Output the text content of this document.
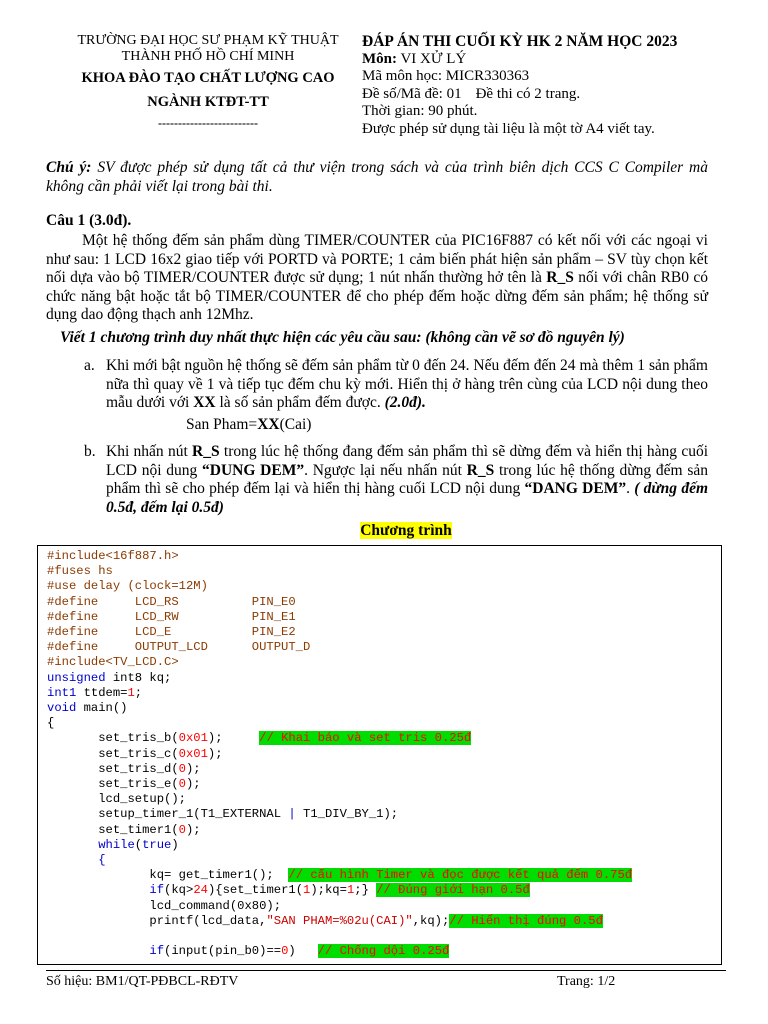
TRƯỜNG ĐẠI HỌC SƯ PHẠM KỸ THUẬT
THÀNH PHỐ HỒ CHÍ MINH
KHOA ĐÀO TẠO CHẤT LƯỢNG CAO
NGÀNH KTĐT-TT
-------------------------
ĐÁP ÁN THI CUỐI KỲ HK 2 NĂM HỌC 2023
Môn: VI XỬ LÝ
Mã môn học: MICR330363
Đề số/Mã đề: 01 Đề thi có 2 trang.
Thời gian: 90 phút.
Được phép sử dụng tài liệu là một tờ A4 viết tay.
Chú ý: SV được phép sử dụng tất cả thư viện trong sách và của trình biên dịch CCS C Compiler mà không cần phải viết lại trong bài thi.
Câu 1 (3.0đ).
Một hệ thống đếm sản phẩm dùng TIMER/COUNTER của PIC16F887 có kết nối với các ngoại vi như sau: 1 LCD 16x2 giao tiếp với PORTD và PORTE; 1 cảm biến phát hiện sản phẩm – SV tùy chọn kết nối dựa vào bộ TIMER/COUNTER được sử dụng; 1 nút nhấn thường hở tên là R_S nối với chân RB0 có chức năng bật hoặc tắt bộ TIMER/COUNTER để cho phép đếm hoặc dừng đếm sản phẩm; hệ thống sử dụng dao động thạch anh 12Mhz.
Viết 1 chương trình duy nhất thực hiện các yêu cầu sau: (không cần vẽ sơ đồ nguyên lý)
a. Khi mới bật nguồn hệ thống sẽ đếm sản phẩm từ 0 đến 24. Nếu đếm đến 24 mà thêm 1 sản phẩm nữa thì quay về 1 và tiếp tục đếm chu kỳ mới. Hiển thị ở hàng trên cùng của LCD nội dung theo mẫu dưới với XX là số sản phẩm đếm được. (2.0đ).
San Pham=XX(Cai)
b. Khi nhấn nút R_S trong lúc hệ thống đang đếm sản phẩm thì sẽ dừng đếm và hiển thị hàng cuối LCD nội dung “DUNG DEM”. Ngược lại nếu nhấn nút R_S trong lúc hệ thống dừng đếm sản phẩm thì sẽ cho phép đếm lại và hiển thị hàng cuối LCD nội dung “DANG DEM”. ( dừng đếm 0.5đ, đếm lại 0.5đ)
Chương trình
#include<16f887.h>
#fuses hs
#use delay (clock=12M)
#define     LCD_RS          PIN_E0
#define     LCD_RW          PIN_E1
#define     LCD_E           PIN_E2
#define     OUTPUT_LCD      OUTPUT_D
#include<TV_LCD.C>
unsigned int8 kq;
int1 ttdem=1;
void main()
{
set_tris_b(0x01);	// Khai báo và set tris 0.25đ
set_tris_c(0x01);
set_tris_d(0);
set_tris_e(0);
lcd_setup();
setup_timer_1(T1_EXTERNAL | T1_DIV_BY_1);
set_timer1(0);
while(true)
{
kq= get_timer1();  // cấu hình Timer và đọc được kết quả đếm 0.75đ
if(kq>24){set_timer1(1);kq=1;} // Đúng giới hạn 0.5đ
lcd_command(0x80);
printf(lcd_data,"SAN PHAM=%02u(CAI)",kq);// Hiển thị đúng 0.5đ

if(input(pin_b0)==0)   // Chống dội 0.25đ
Số hiệu: BM1/QT-PĐBCL-RĐTV	Trang: 1/2
